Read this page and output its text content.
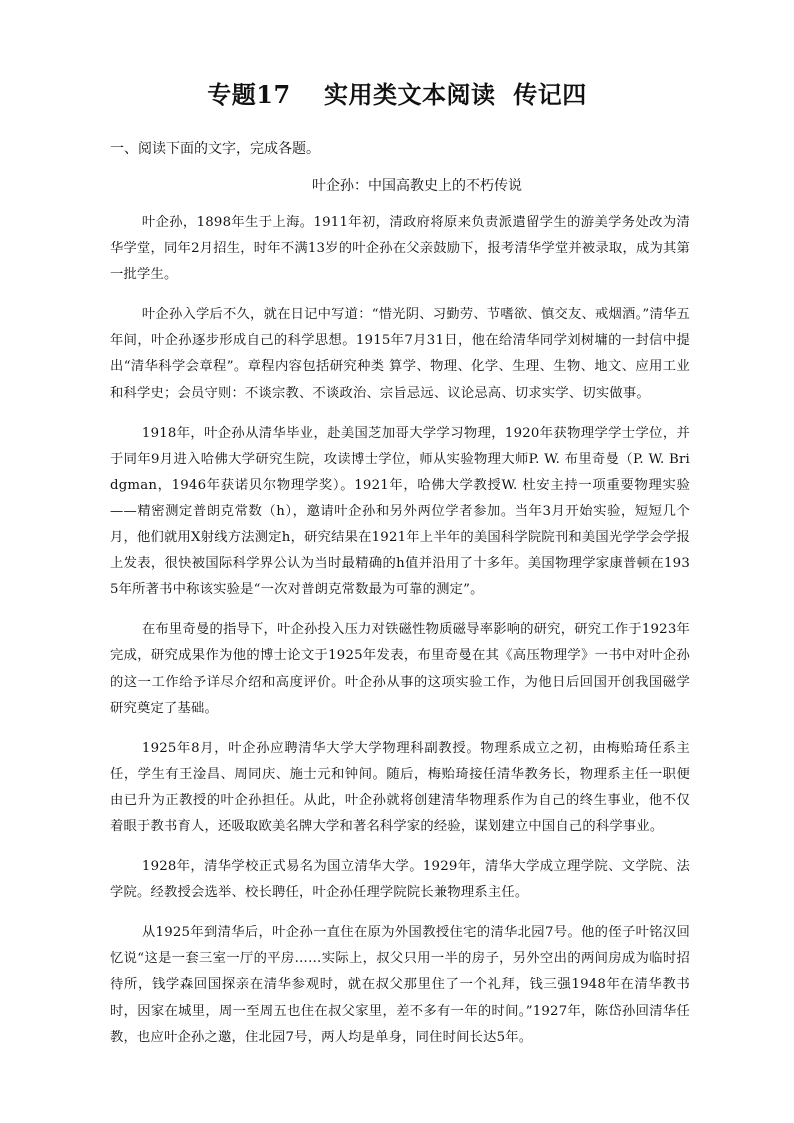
专题17　 实用类文本阅读  传记四
一、阅读下面的文字，完成各题。
叶企孙：中国高教史上的不朽传说

叶企孙，1898年生于上海。1911年初，清政府将原来负责派遣留学生的游美学务处改为清华学堂，同年2月招生，时年不满13岁的叶企孙在父亲鼓励下，报考清华学堂并被录取，成为其第一批学生。

叶企孙入学后不久，就在日记中写道：“惜光阴、习勤劳、节嗜欲、慎交友、戒烟酒。”清华五年间，叶企孙逐步形成自己的科学思想。1915年7月31日，他在给清华同学刘树墉的一封信中提出“清华科学会章程”。章程内容包括研究种类 算学、物理、化学、生理、生物、地文、应用工业和科学史；会员守则：不谈宗教、不谈政治、宗旨忌远、议论忌高、切求实学、切实做事。

1918年，叶企孙从清华毕业，赴美国芝加哥大学学习物理，1920年获物理学学士学位，并于同年9月进入哈佛大学研究生院，攻读博士学位，师从实验物理大师P. W. 布里奇曼（P. W. Bridgman，1946年获诺贝尔物理学奖）。1921年，哈佛大学教授W. 杜安主持一项重要物理实验——精密测定普朗克常数（h），邀请叶企孙和另外两位学者参加。当年3月开始实验，短短几个月，他们就用X射线方法测定h，研究结果在1921年上半年的美国科学院院刊和美国光学学会学报上发表，很快被国际科学界公认为当时最精确的h值并沿用了十多年。美国物理学家康普顿在1935年所著书中称该实验是“一次对普朗克常数最为可靠的测定”。

在布里奇曼的指导下，叶企孙投入压力对铁磁性物质磁导率影响的研究，研究工作于1923年完成，研究成果作为他的博士论文于1925年发表，布里奇曼在其《高压物理学》一书中对叶企孙的这一工作给予详尽介绍和高度评价。叶企孙从事的这项实验工作，为他日后回国开创我国磁学研究奠定了基础。

1925年8月，叶企孙应聘清华大学大学物理科副教授。物理系成立之初，由梅贻琦任系主任，学生有王淦昌、周同庆、施士元和钟间。随后，梅贻琦接任清华教务长，物理系主任一职便由已升为正教授的叶企孙担任。从此，叶企孙就将创建清华物理系作为自己的终生事业，他不仅着眼于教书育人，还吸取欧美名牌大学和著名科学家的经验，谋划建立中国自己的科学事业。

1928年，清华学校正式易名为国立清华大学。1929年，清华大学成立理学院、文学院、法学院。经教授会选举、校长聘任，叶企孙任理学院院长兼物理系主任。

从1925年到清华后，叶企孙一直住在原为外国教授住宅的清华北园7号。他的侄子叶铭汉回忆说“这是一套三室一厅的平房……实际上，叔父只用一半的房子，另外空出的两间房成为临时招待所，钱学森回国探亲在清华参观时，就在叔父那里住了一个礼拜，钱三强1948年在清华教书时，因家在城里，周一至周五也住在叔父家里，差不多有一年的时间。”1927年，陈岱孙回清华任教，也应叶企孙之邀，住北园7号，两人均是单身，同住时间长达5年。
